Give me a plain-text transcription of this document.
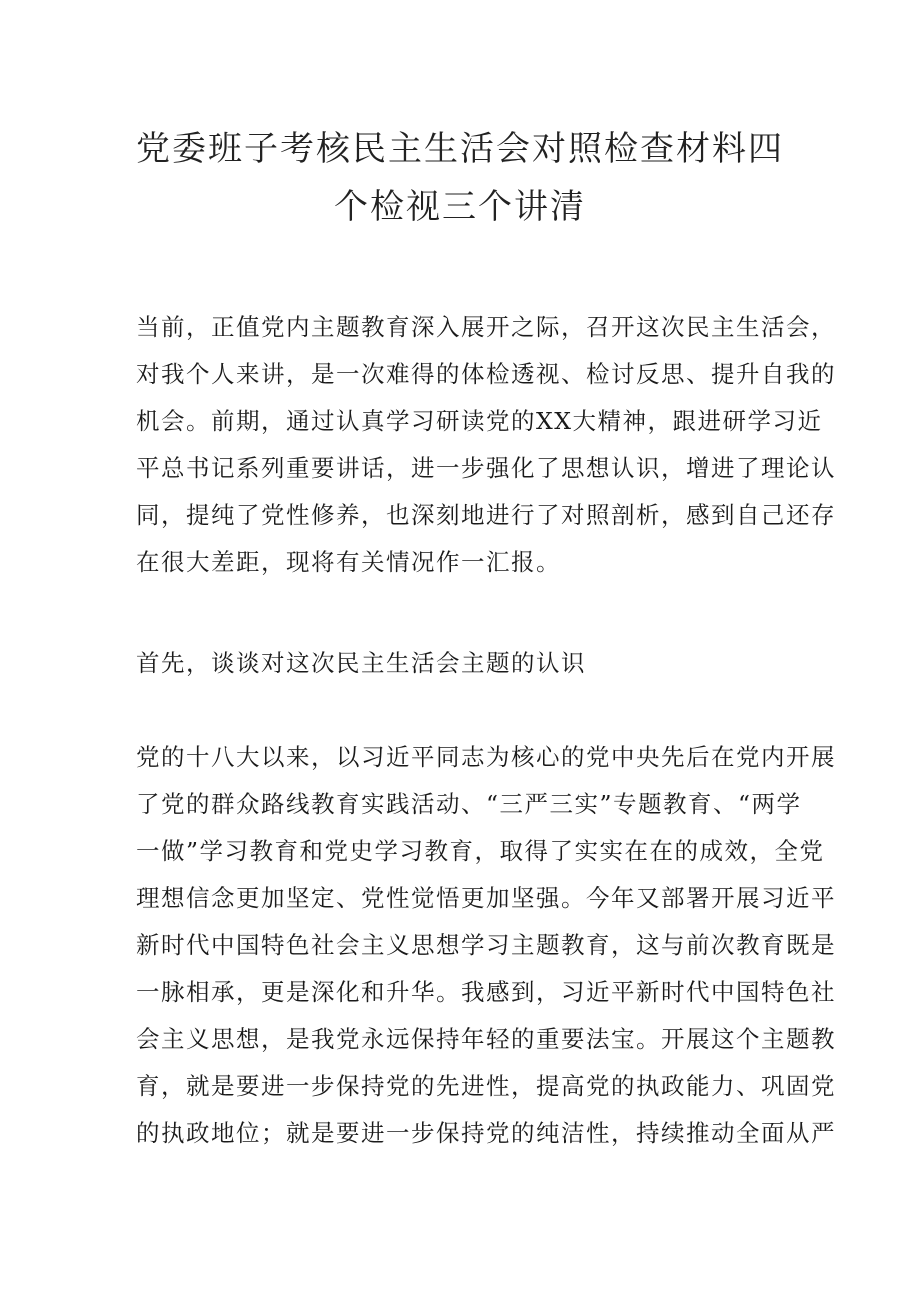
党委班子考核民主生活会对照检查材料四
个检视三个讲清
当前，正值党内主题教育深入展开之际，召开这次民主生活会，
对我个人来讲，是一次难得的体检透视、检讨反思、提升自我的
机会。前期，通过认真学习研读党的XX大精神，跟进研学习近
平总书记系列重要讲话，进一步强化了思想认识，增进了理论认
同，提纯了党性修养，也深刻地进行了对照剖析，感到自己还存
在很大差距，现将有关情况作一汇报。
首先，谈谈对这次民主生活会主题的认识
党的十八大以来，以习近平同志为核心的党中央先后在党内开展
了党的群众路线教育实践活动、“三严三实”专题教育、“两学
一做”学习教育和党史学习教育，取得了实实在在的成效，全党
理想信念更加坚定、党性觉悟更加坚强。今年又部署开展习近平
新时代中国特色社会主义思想学习主题教育，这与前次教育既是
一脉相承，更是深化和升华。我感到，习近平新时代中国特色社
会主义思想，是我党永远保持年轻的重要法宝。开展这个主题教
育，就是要进一步保持党的先进性，提高党的执政能力、巩固党
的执政地位；就是要进一步保持党的纯洁性，持续推动全面从严
